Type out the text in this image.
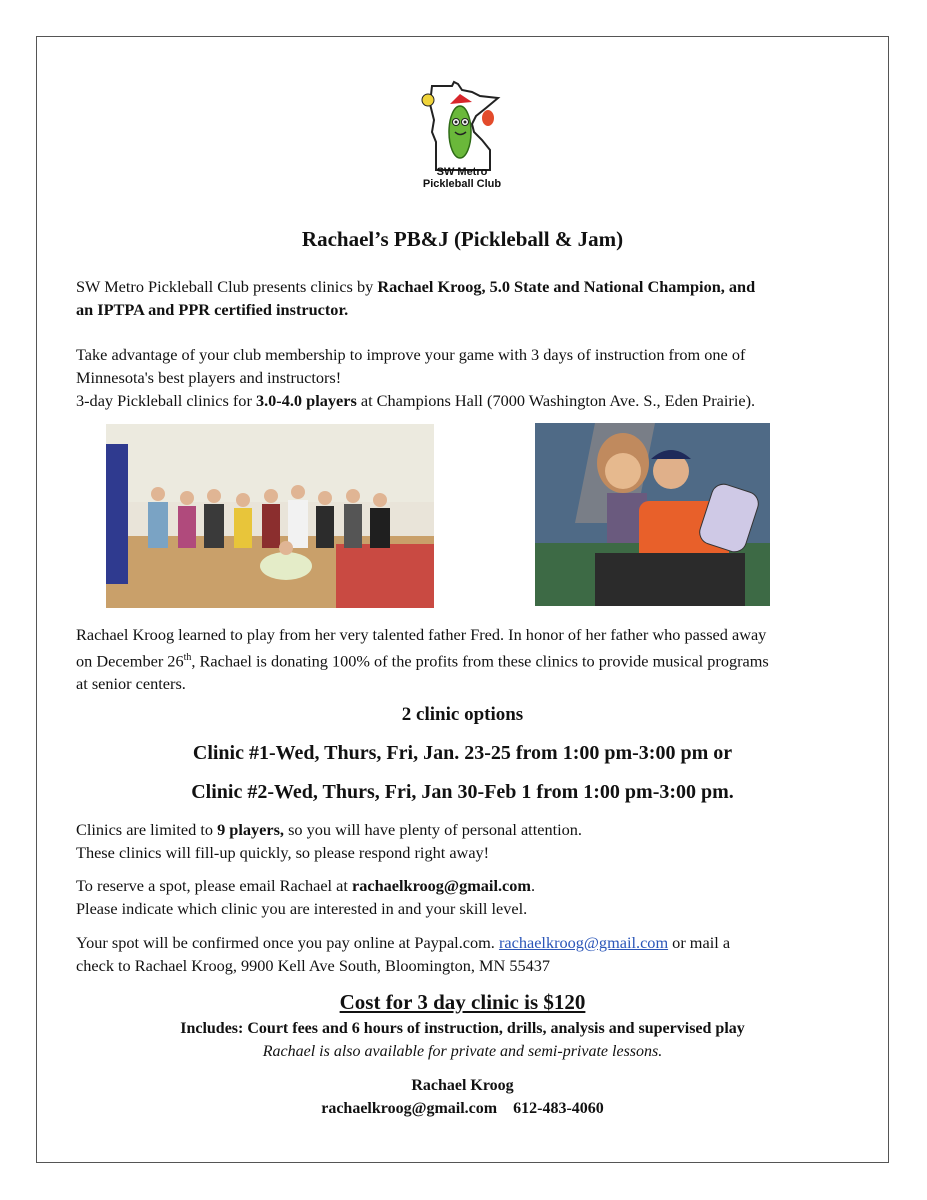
SW Metro
Pickleball Club
Rachael’s PB&J (Pickleball & Jam)
SW Metro Pickleball Club presents clinics by Rachael Kroog, 5.0 State and National Champion, and
an IPTPA and PPR certified instructor.
Take advantage of your club membership to improve your game with 3 days of instruction from one of
Minnesota's best players and instructors!
3-day Pickleball clinics for 3.0-4.0 players at Champions Hall (7000 Washington Ave. S., Eden Prairie).
Rachael Kroog learned to play from her very talented father Fred. In honor of her father who passed away
on December 26th, Rachael is donating 100% of the profits from these clinics to provide musical programs
at senior centers.
2 clinic options
Clinic #1-Wed, Thurs, Fri, Jan. 23-25 from 1:00 pm-3:00 pm or
Clinic #2-Wed, Thurs, Fri, Jan 30-Feb 1 from 1:00 pm-3:00 pm.
Clinics are limited to 9 players, so you will have plenty of personal attention.
These clinics will fill-up quickly, so please respond right away!
To reserve a spot, please email Rachael at rachaelkroog@gmail.com.
Please indicate which clinic you are interested in and your skill level.
Your spot will be confirmed once you pay online at Paypal.com. rachaelkroog@gmail.com or mail a
check to Rachael Kroog, 9900 Kell Ave South, Bloomington, MN 55437
Cost for 3 day clinic is $120
Includes: Court fees and 6 hours of instruction, drills, analysis and supervised play
Rachael is also available for private and semi-private lessons.
Rachael Kroog
rachaelkroog@gmail.com 612-483-4060
